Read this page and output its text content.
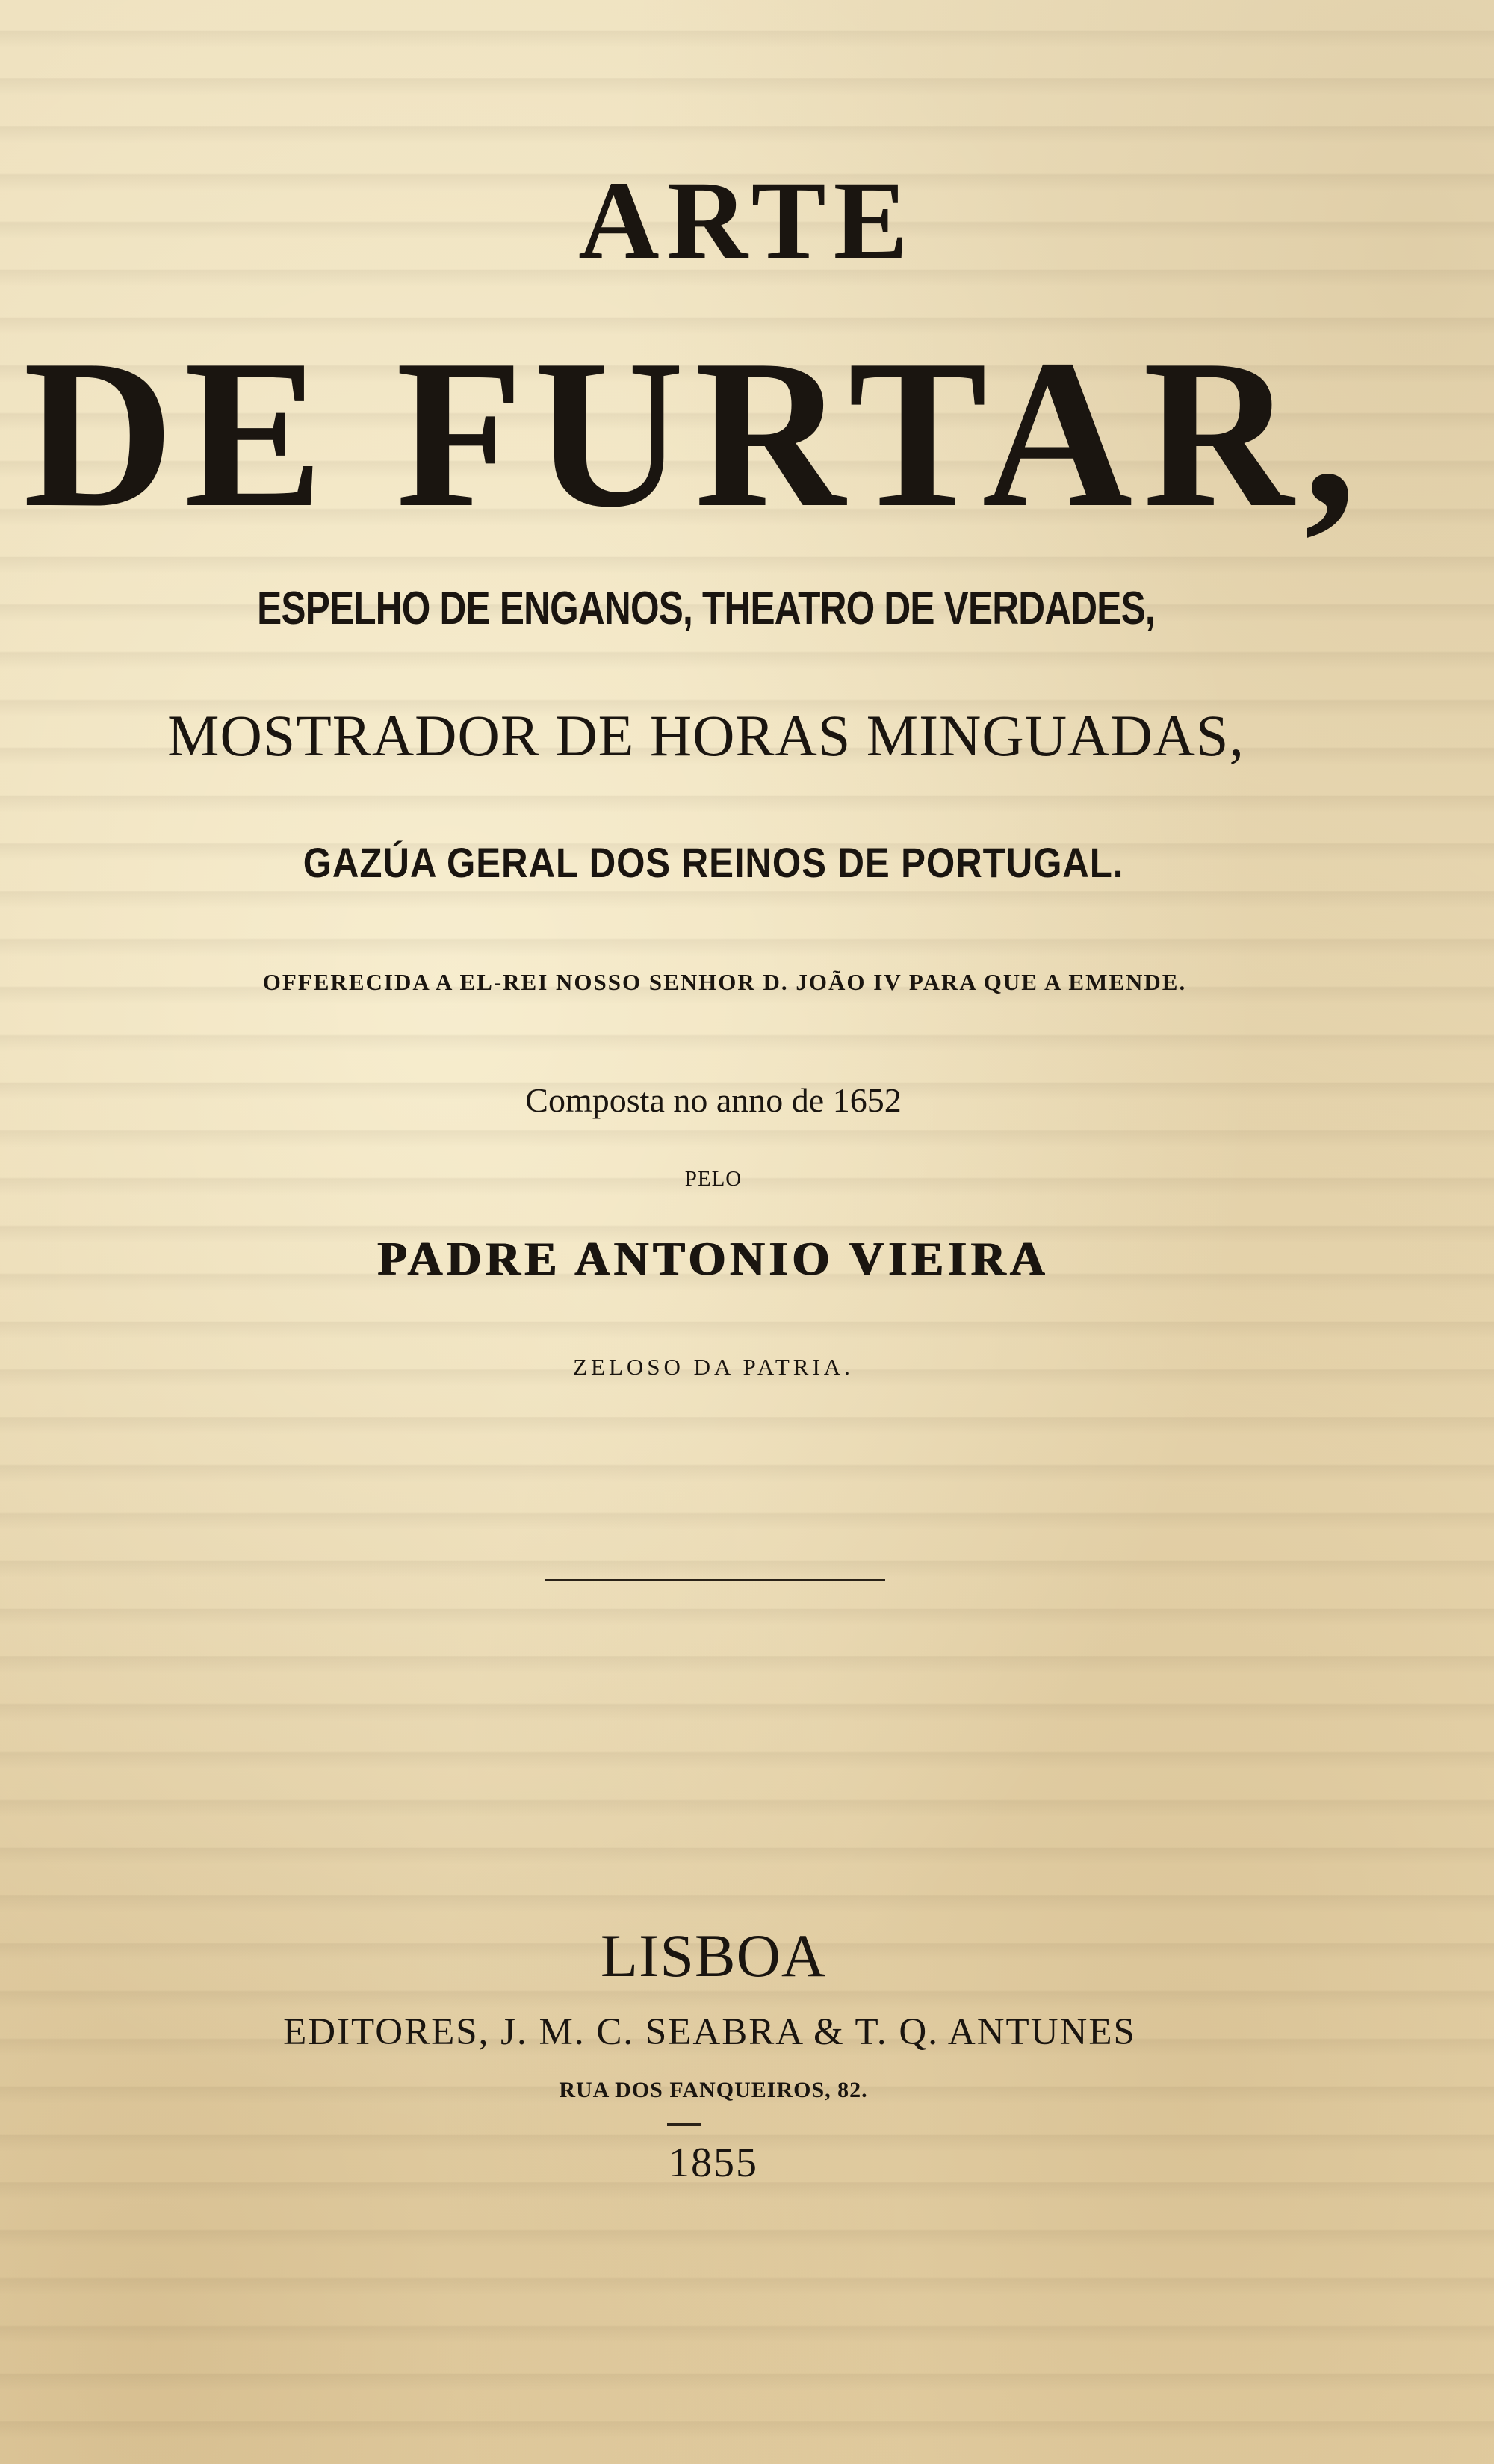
ARTE

DE FURTAR,

ESPELHO DE ENGANOS, THEATRO DE VERDADES,

MOSTRADOR DE HORAS MINGUADAS,

GAZÚA GERAL DOS REINOS DE PORTUGAL.

OFFERECIDA A EL-REI NOSSO SENHOR D. JOÃO IV PARA QUE A EMENDE.

Composta no anno de 1652

PELO

PADRE ANTONIO VIEIRA

ZELOSO DA PATRIA.

LISBOA

EDITORES, J. M. C. SEABRA & T. Q. ANTUNES

RUA DOS FANQUEIROS, 82.

1855
